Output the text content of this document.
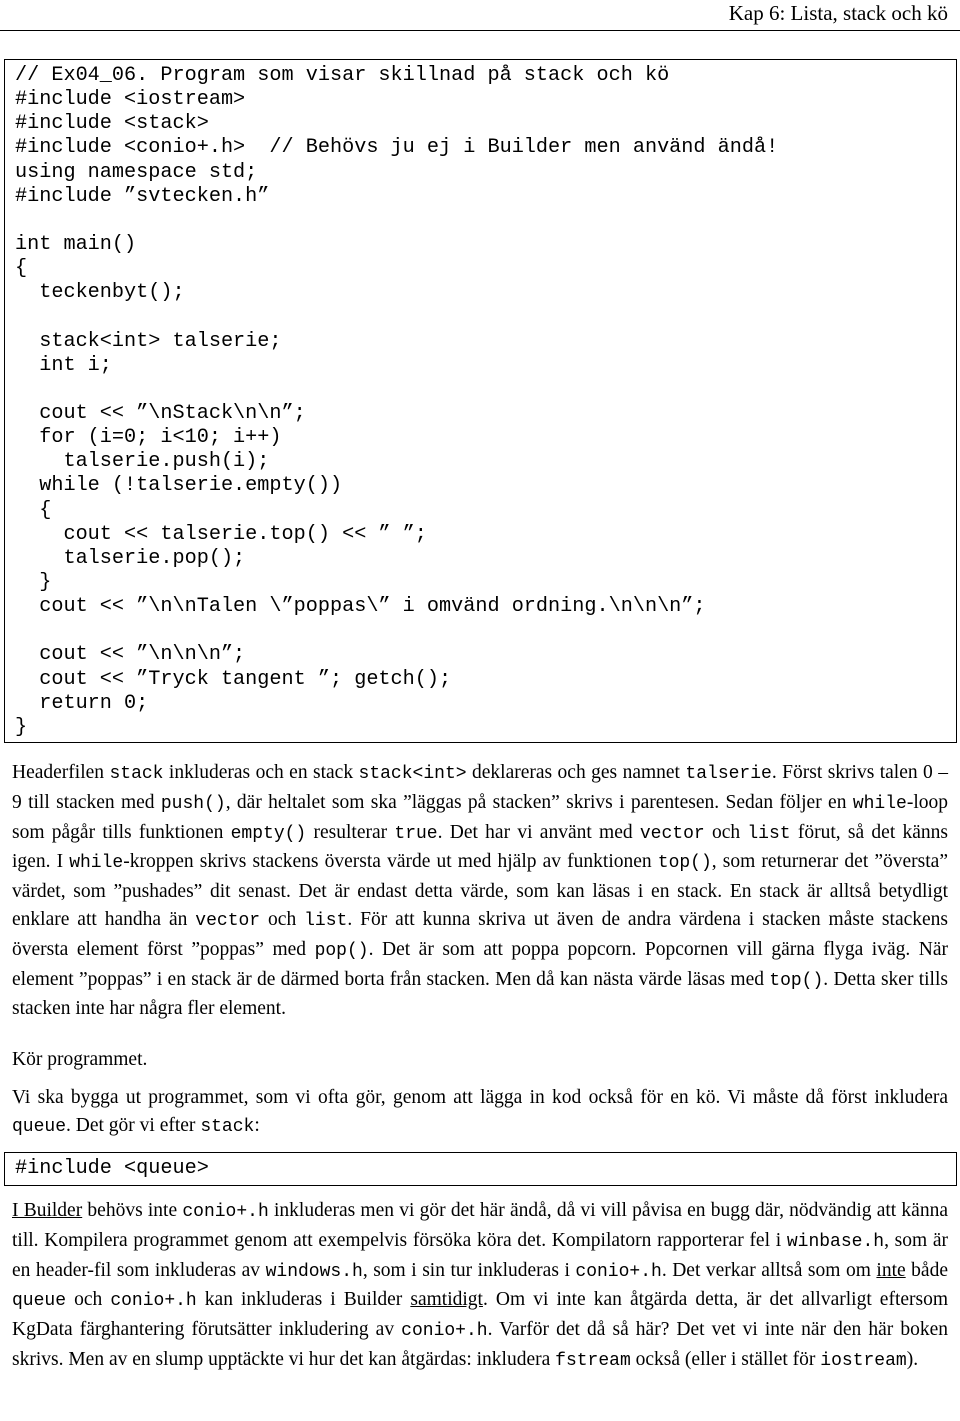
Kap 6: Lista, stack och kö
// Ex04_06. Program som visar skillnad på stack och kö
#include <iostream>
#include <stack>
#include <conio+.h>  // Behövs ju ej i Builder men använd ändå!
using namespace std;
#include ”svtecken.h”
int main()
{
teckenbyt();
stack<int> talserie;
int i;
cout << ”\nStack\n\n”;
for (i=0; i<10; i++)
talserie.push(i);
while (!talserie.empty())
{
cout << talserie.top() << ” ”;
talserie.pop();
}
cout << ”\n\nTalen \”poppas\” i omvänd ordning.\n\n\n”;
cout << ”\n\n\n”;
cout << ”Tryck tangent ”; getch();
return 0;
}

Headerfilen stack inkluderas och en stack stack<int> deklareras och ges namnet talserie. Först skrivs talen 0 – 9 till stacken med push(), där heltalet som ska ”läggas på stacken” skrivs i parentesen. Sedan följer en while-loop som pågår tills funktionen empty() resulterar true. Det har vi använt med vector och list förut, så det känns igen. I while-kroppen skrivs stackens översta värde ut med hjälp av funktionen top(), som returnerar det ”översta” värdet, som ”pushades” dit senast. Det är endast detta värde, som kan läsas i en stack. En stack är alltså betydligt enklare att handha än vector och list. För att kunna skriva ut även de andra värdena i stacken måste stackens översta element först ”poppas” med pop(). Det är som att poppa popcorn. Popcornen vill gärna flyga iväg. När element ”poppas” i en stack är de därmed borta från stacken. Men då kan nästa värde läsas med top(). Detta sker tills stacken inte har några fler element.

Kör programmet.

Vi ska bygga ut programmet, som vi ofta gör, genom att lägga in kod också för en kö. Vi måste då först inkludera queue. Det gör vi efter stack:

#include <queue>

I Builder behövs inte conio+.h inkluderas men vi gör det här ändå, då vi vill påvisa en bugg där, nödvändig att känna till. Kompilera programmet genom att exempelvis försöka köra det. Kompilatorn rapporterar fel i winbase.h, som är en header-fil som inkluderas av windows.h, som i sin tur inkluderas i conio+.h. Det verkar alltså som om inte både queue och conio+.h kan inkluderas i Builder samtidigt. Om vi inte kan åtgärda detta, är det allvarligt eftersom KgData färghantering förutsätter inkludering av conio+.h. Varför det då så här? Det vet vi inte när den här boken skrivs. Men av en slump upptäckte vi hur det kan åtgärdas: inkludera fstream också (eller i stället för iostream).
